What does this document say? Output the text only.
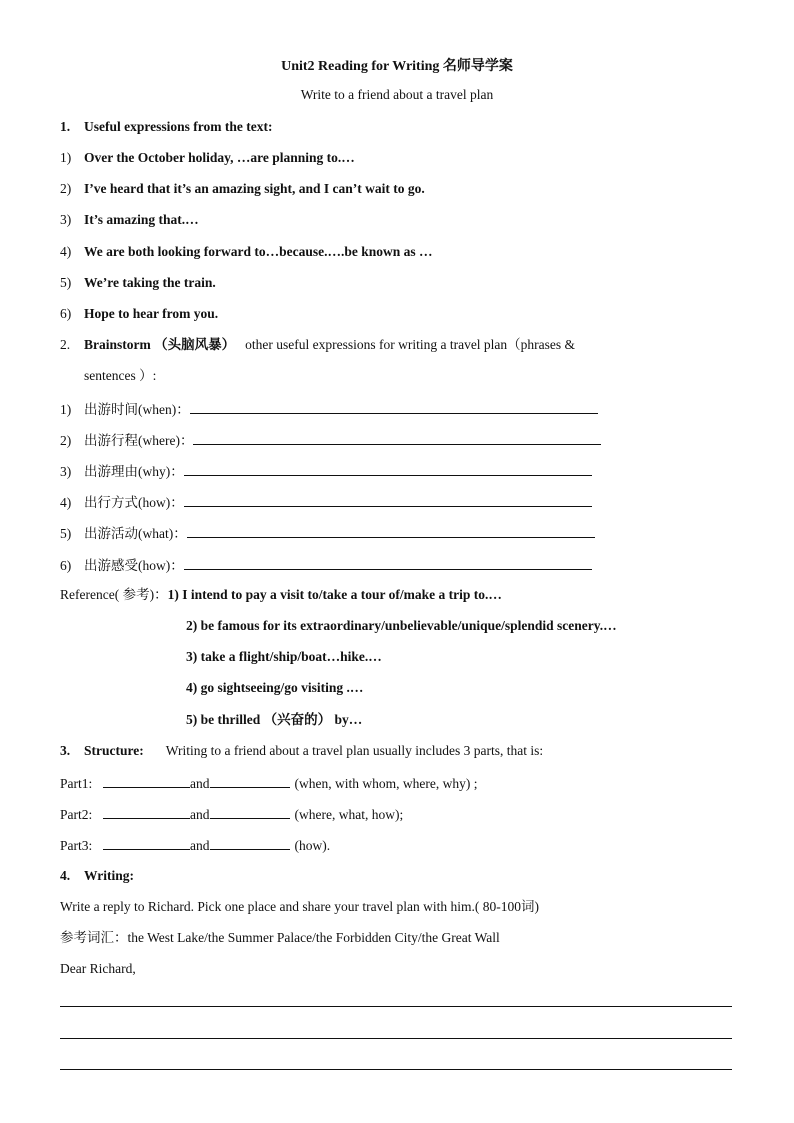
Unit2 Reading for Writing 名师导学案
Write to a friend about a travel plan
1. Useful expressions from the text:
1) Over the October holiday, …are planning to.…
2) I’ve heard that it’s an amazing sight, and I can’t wait to go.
3) It’s amazing that.…
4) We are both looking forward to…because.….be known as …
5) We’re taking the train.
6) Hope to hear from you.
2. Brainstorm （头脑风暴） other useful expressions for writing a travel plan（phrases &
sentences ）:
1) 出游时间(when)：
2) 出游行程(where)：
3) 出游理由(why)：
4) 出行方式(how)：
5) 出游活动(what)：
6) 出游感受(how)：
Reference( 参考)：1) I intend to pay a visit to/take a tour of/make a trip to.…
2) be famous for its extraordinary/unbelievable/unique/splendid scenery.…
3) take a flight/ship/boat…hike.…
4) go sightseeing/go visiting .…
5) be thrilled （兴奋的） by…
3. Structure: Writing to a friend about a travel plan usually includes 3 parts, that is:
Part1:	and	(when, with whom, where, why) ;
Part2:	and	(where, what, how);
Part3:	and	(how).
4. Writing:
Write a reply to Richard. Pick one place and share your travel plan with him.( 80-100词)
参考词汇：the West Lake/the Summer Palace/the Forbidden City/the Great Wall
Dear Richard,
